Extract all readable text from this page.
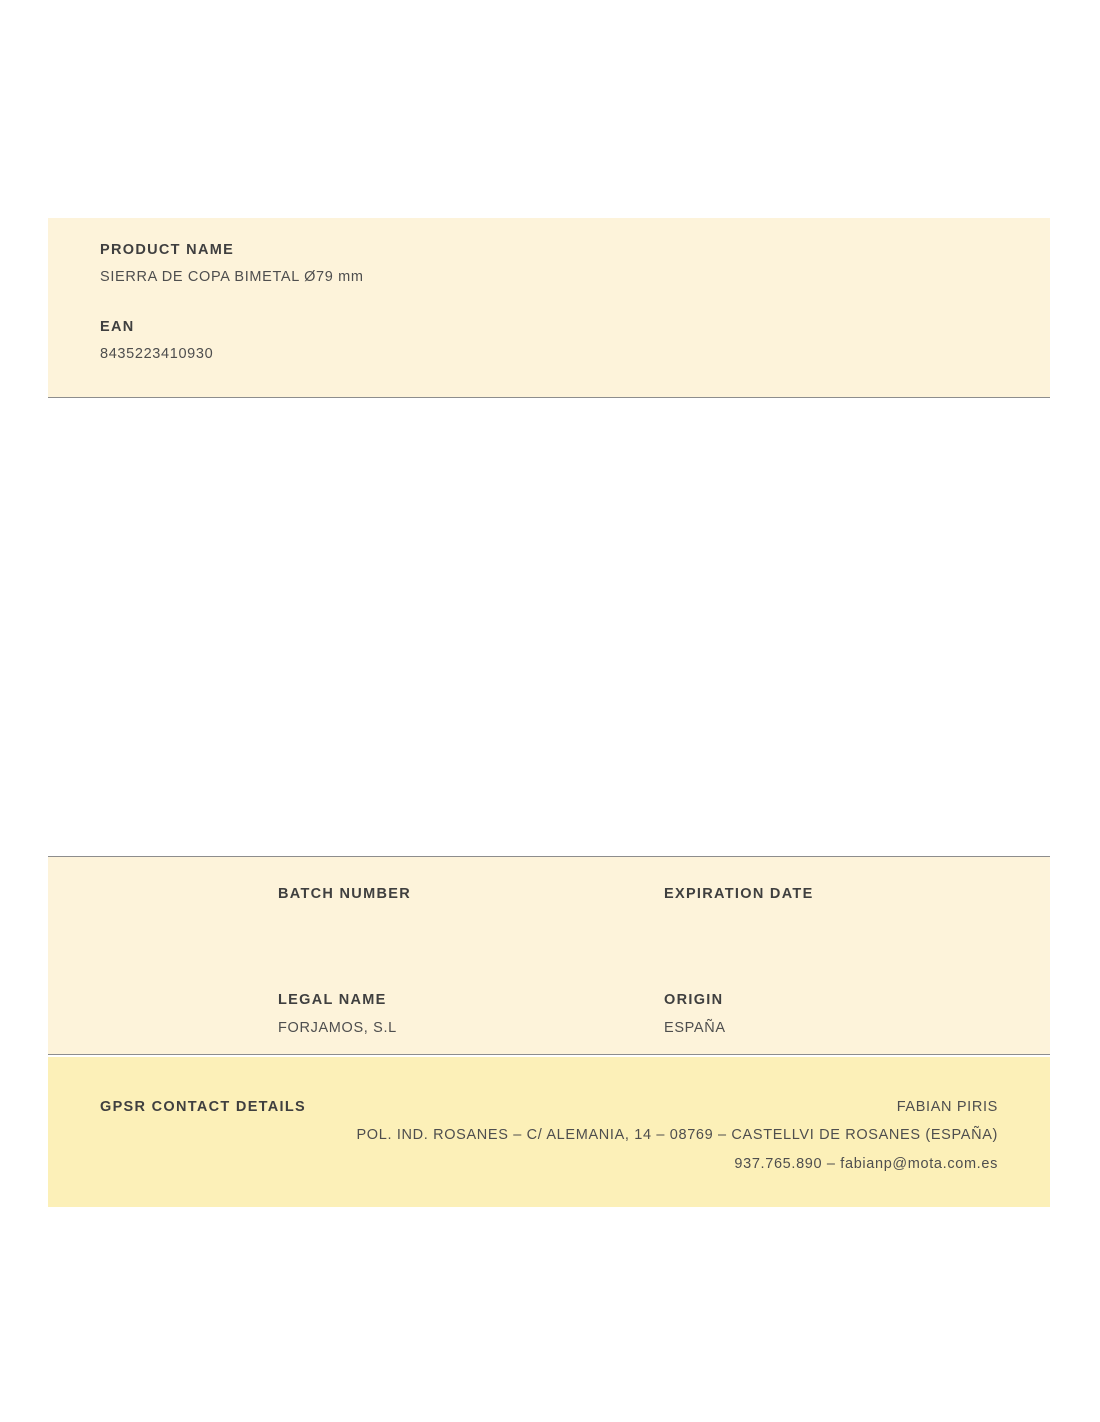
PRODUCT NAME

SIERRA DE COPA BIMETAL Ø79 mm

EAN

8435223410930

BATCH NUMBER	EXPIRATION DATE

LEGAL NAME

FORJAMOS, S.L

ORIGIN

ESPAÑA

GPSR CONTACT DETAILS	FABIAN PIRIS
POL. IND. ROSANES – C/ ALEMANIA, 14 – 08769 – CASTELLVI DE ROSANES (ESPAÑA)
937.765.890 – fabianp@mota.com.es
